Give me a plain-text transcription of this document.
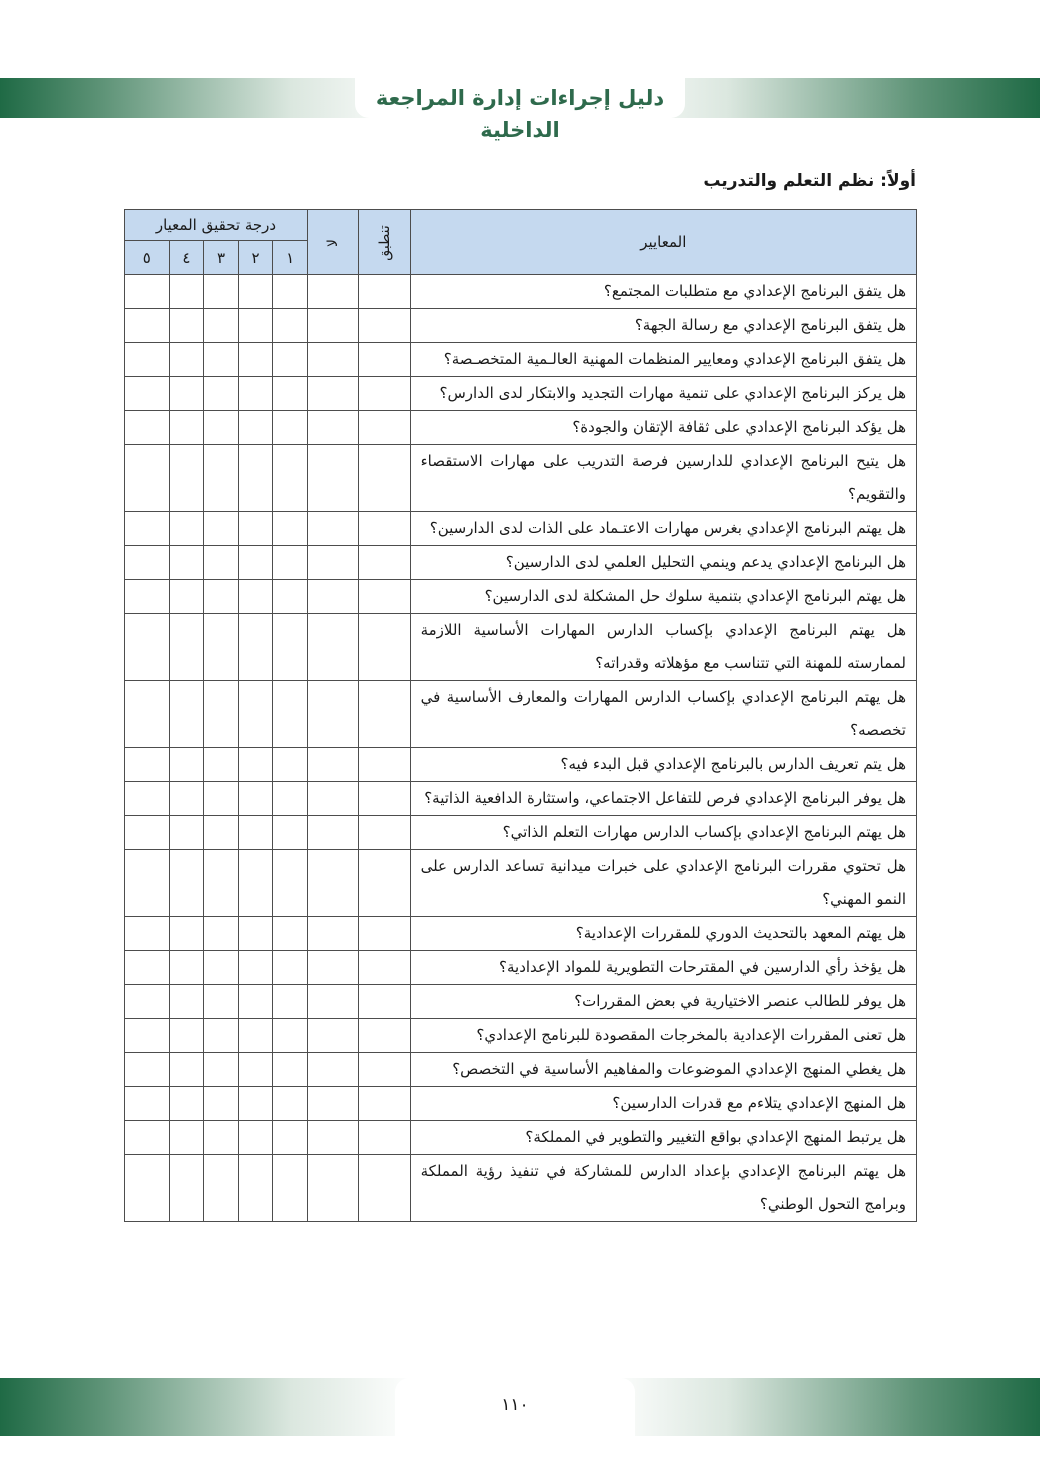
دليل إجراءات إدارة المراجعة الداخلية
أولاً: نظم التعلم والتدريب
المعايير	تنطبق	لا	درجة تحقيق المعيار				
			١	٢	٣	٤	٥
هل يتفق البرنامج الإعدادي مع متطلبات المجتمع؟							
هل يتفق البرنامج الإعدادي مع رسالة الجهة؟							
هل يتفق البرنامج الإعدادي ومعايير المنظمات المهنية العالـمية المتخصـصة؟							
هل يركز البرنامج الإعدادي على تنمية مهارات التجديد والابتكار لدى الدارس؟							
هل يؤكد البرنامج الإعدادي على ثقافة الإتقان والجودة؟							
هل يتيح البرنامج الإعدادي للدارسين فرصة التدريب على مهارات الاستقصاء والتقويم؟							
هل يهتم البرنامج الإعدادي بغرس مهارات الاعتـماد على الذات لدى الدارسين؟							
هل البرنامج الإعدادي يدعم وينمي التحليل العلمي لدى الدارسين؟							
هل يهتم البرنامج الإعدادي بتنمية سلوك حل المشكلة لدى الدارسين؟							
هل يهتم البرنامج الإعدادي بإكساب الدارس المهارات الأساسية اللازمة لممارسته للمهنة التي تتناسب مع مؤهلاته وقدراته؟							
هل يهتم البرنامج الإعدادي بإكساب الدارس المهارات والمعارف الأساسية في تخصصه؟							
هل يتم تعريف الدارس بالبرنامج الإعدادي قبل البدء فيه؟							
هل يوفر البرنامج الإعدادي فرص للتفاعل الاجتماعي، واستثارة الدافعية الذاتية؟							
هل يهتم البرنامج الإعدادي بإكساب الدارس مهارات التعلم الذاتي؟							
هل تحتوي مقررات البرنامج الإعدادي على خبرات ميدانية تساعد الدارس على النمو المهني؟							
هل يهتم المعهد بالتحديث الدوري للمقررات الإعدادية؟							
هل يؤخذ رأي الدارسين في المقترحات التطويرية للمواد الإعدادية؟							
هل يوفر للطالب عنصر الاختيارية في بعض المقررات؟							
هل تعنى المقررات الإعدادية بالمخرجات المقصودة للبرنامج الإعدادي؟							
هل يغطي المنهج الإعدادي الموضوعات والمفاهيم الأساسية في التخصص؟							
هل المنهج الإعدادي يتلاءم مع قدرات الدارسين؟							
هل يرتبط المنهج الإعدادي بواقع التغيير والتطوير في المملكة؟							
هل يهتم البرنامج الإعدادي بإعداد الدارس للمشاركة في تنفيذ رؤية المملكة وبرامج التحول الوطني؟							
١١٠
